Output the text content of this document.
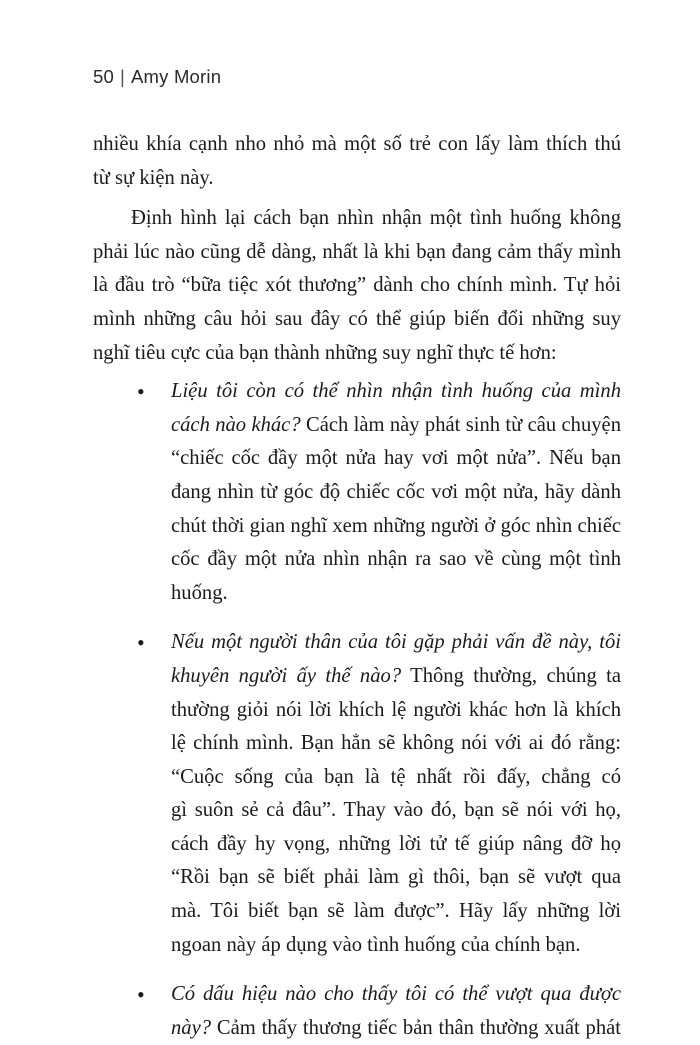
50 | Amy Morin
nhiều khía cạnh nho nhỏ mà một số trẻ con lấy làm thích thú
từ sự kiện này.
Định hình lại cách bạn nhìn nhận một tình huống không
phải lúc nào cũng dễ dàng, nhất là khi bạn đang cảm thấy mình
là đầu trò “bữa tiệc xót thương” dành cho chính mình. Tự hỏi
mình những câu hỏi sau đây có thể giúp biến đổi những suy
nghĩ tiêu cực của bạn thành những suy nghĩ thực tế hơn:
• Liệu tôi còn có thể nhìn nhận tình huống của mình
cách nào khác? Cách làm này phát sinh từ câu chuyện
“chiếc cốc đầy một nửa hay vơi một nửa”. Nếu bạn
đang nhìn từ góc độ chiếc cốc vơi một nửa, hãy dành
chút thời gian nghĩ xem những người ở góc nhìn chiếc
cốc đầy một nửa nhìn nhận ra sao về cùng một tình
huống.
• Nếu một người thân của tôi gặp phải vấn đề này, tôi
khuyên người ấy thế nào? Thông thường, chúng ta
thường giỏi nói lời khích lệ người khác hơn là khích
lệ chính mình. Bạn hẳn sẽ không nói với ai đó rằng:
“Cuộc sống của bạn là tệ nhất rồi đấy, chẳng có
gì suôn sẻ cả đâu”. Thay vào đó, bạn sẽ nói với họ,
cách đầy hy vọng, những lời tử tế giúp nâng đỡ họ
“Rồi bạn sẽ biết phải làm gì thôi, bạn sẽ vượt qua
mà. Tôi biết bạn sẽ làm được”. Hãy lấy những lời
ngoan này áp dụng vào tình huống của chính bạn.
• Có dấu hiệu nào cho thấy tôi có thể vượt qua được
này? Cảm thấy thương tiếc bản thân thường xuất phát
